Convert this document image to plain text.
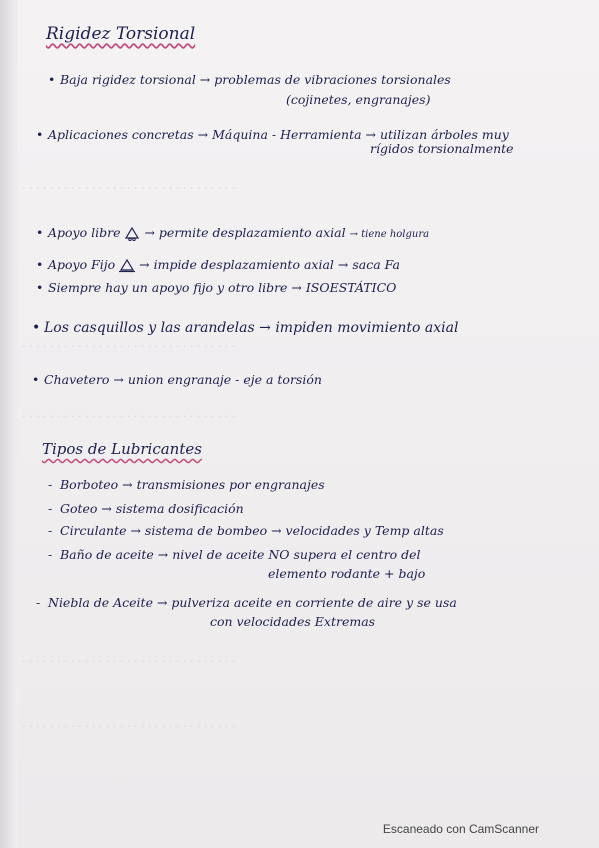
· · · · · · · · · · · · · · · · · · · · · · · · · · · · · · ·
· · · · · · · · · · · · · · · · · · · · · · · · · · · · · · ·
· · · · · · · · · · · · · · · · · · · · · · · · · · · · · · ·
· · · · · · · · · · · · · · · · · · · · · · · · · · · · · · ·
· · · · · · · · · · · · · · · · · · · · · · · · · · · · · · ·
Rigidez Torsional
• Baja rigidez torsional → problemas de vibraciones torsionales
(cojinetes, engranajes)
• Aplicaciones concretas → Máquina - Herramienta → utilizan árboles muy
rígidos torsionalmente
• Apoyo libre → permite desplazamiento axial → tiene holgura
• Apoyo Fijo → impide desplazamiento axial → saca Fa
• Siempre hay un apoyo fijo y otro libre → ISOESTÁTICO
• Los casquillos y las arandelas → impiden movimiento axial
• Chavetero → union engranaje - eje a torsión
Tipos de Lubricantes
- Borboteo → transmisiones por engranajes
- Goteo → sistema dosificación
- Circulante → sistema de bombeo → velocidades y Temp altas
- Baño de aceite → nivel de aceite NO supera el centro del
elemento rodante + bajo
- Niebla de Aceite → pulveriza aceite en corriente de aire y se usa
con velocidades Extremas
Escaneado con CamScanner
